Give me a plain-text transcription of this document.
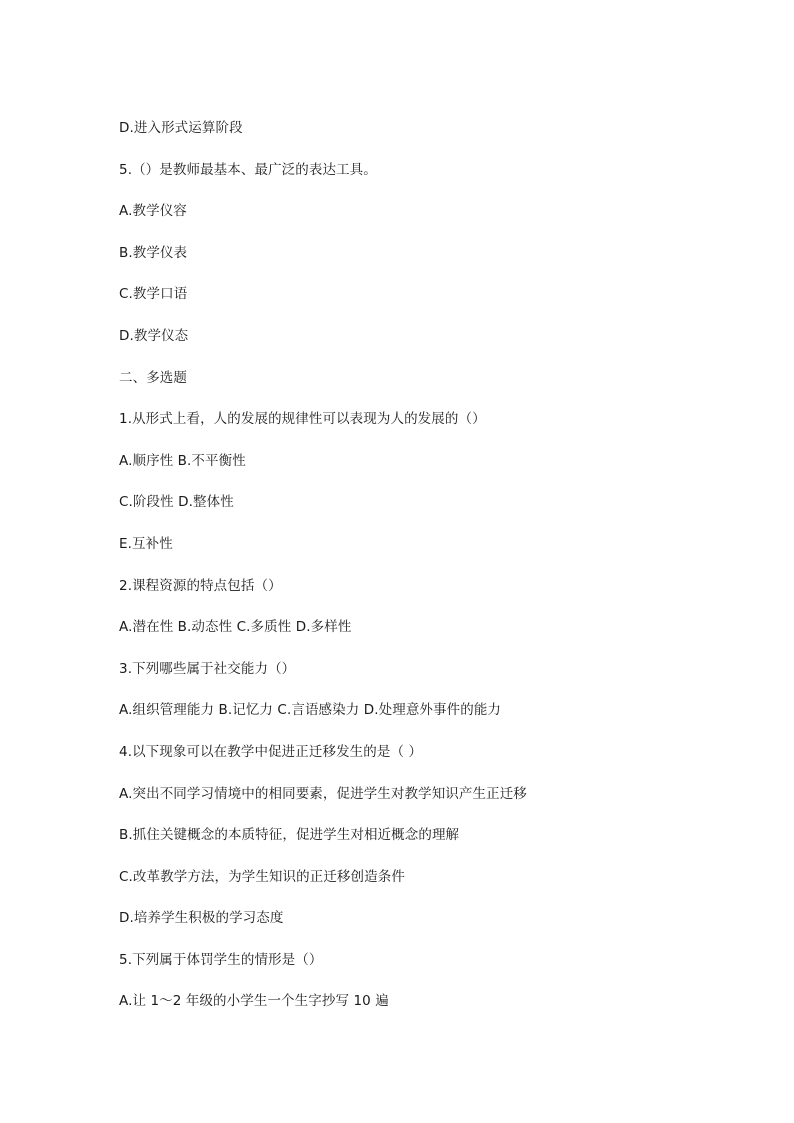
D.进入形式运算阶段
5.（）是教师最基本、最广泛的表达工具。
A.教学仪容
B.教学仪表
C.教学口语
D.教学仪态
二、多选题
1.从形式上看，人的发展的规律性可以表现为人的发展的（）
A.顺序性 B.不平衡性
C.阶段性 D.整体性
E.互补性
2.课程资源的特点包括（）
A.潜在性 B.动态性 C.多质性 D.多样性
3.下列哪些属于社交能力（）
A.组织管理能力 B.记忆力 C.言语感染力 D.处理意外事件的能力
4.以下现象可以在教学中促进正迁移发生的是（ ）
A.突出不同学习情境中的相同要素，促进学生对教学知识产生正迁移
B.抓住关键概念的本质特征，促进学生对相近概念的理解
C.改革教学方法，为学生知识的正迁移创造条件
D.培养学生积极的学习态度
5.下列属于体罚学生的情形是（）
A.让 1～2 年级的小学生一个生字抄写 10 遍
